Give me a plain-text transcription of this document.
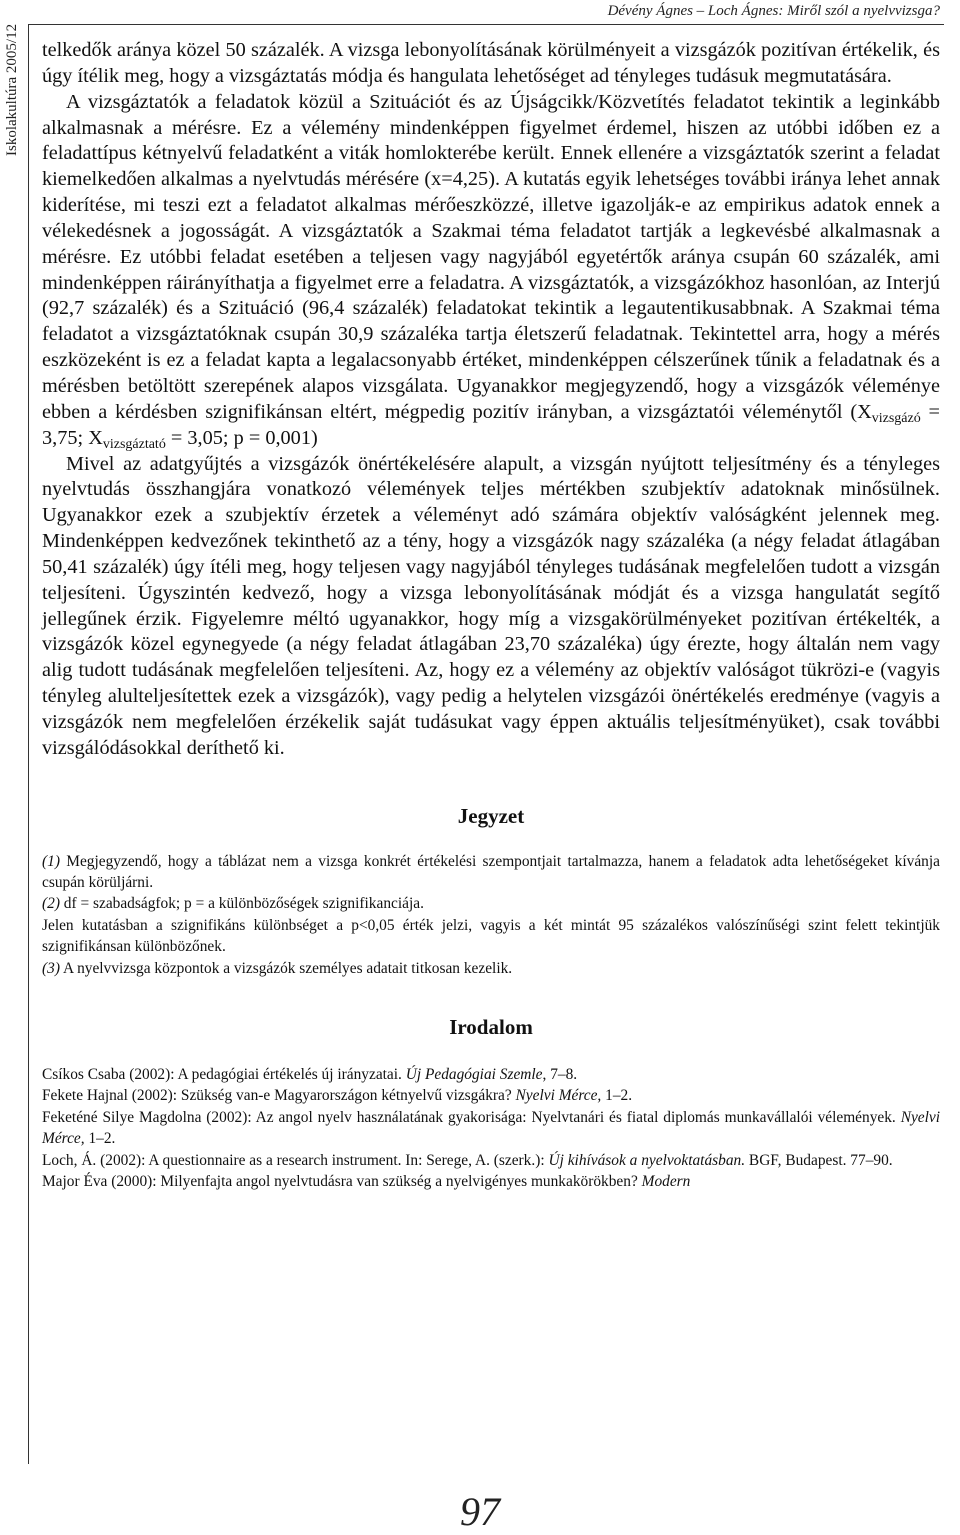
Dévény Ágnes – Loch Ágnes: Miről szól a nyelvvizsga?
Iskolakultúra 2005/12 telkedők aránya közel 50 százalék. A vizsga lebonyolításának körülményeit a vizsgázók pozitívan értékelik, és úgy ítélik meg, hogy a vizsgáztatás módja és hangulata lehetőséget ad tényleges tudásuk megmutatására.

A vizsgáztatók a feladatok közül a Szituációt és az Újságcikk/Közvetítés feladatot tekintik a leginkább alkalmasnak a mérésre. Ez a vélemény mindenképpen figyelmet érdemel, hiszen az utóbbi időben ez a feladattípus kétnyelvű feladatként a viták homlokterébe került. Ennek ellenére a vizsgáztatók szerint a feladat kiemelkedően alkalmas a nyelvtudás mérésére (x=4,25). A kutatás egyik lehetséges további iránya lehet annak kiderítése, mi teszi ezt a feladatot alkalmas mérőeszközzé, illetve igazolják-e az empirikus adatok ennek a vélekedésnek a jogosságát. A vizsgáztatók a Szakmai téma feladatot tartják a legkevésbé alkalmasnak a mérésre. Ez utóbbi feladat esetében a teljesen vagy nagyjából egyetértők aránya csupán 60 százalék, ami mindenképpen ráirányíthatja a figyelmet erre a feladatra. A vizsgáztatók, a vizsgázókhoz hasonlóan, az Interjú (92,7 százalék) és a Szituáció (96,4 százalék) feladatokat tekintik a legautentikusabbnak. A Szakmai téma feladatot a vizsgáztatóknak csupán 30,9 százaléka tartja életszerű feladatnak. Tekintettel arra, hogy a mérés eszközeként is ez a feladat kapta a legalacsonyabb értéket, mindenképpen célszerűnek tűnik a feladatnak és a mérésben betöltött szerepének alapos vizsgálata. Ugyanakkor megjegyzendő, hogy a vizsgázók véleménye ebben a kérdésben szignifikánsan eltért, mégpedig pozitív irányban, a vizsgáztatói véleménytől ($X_{vizsgázó} = 3,75$; $X_{vizsgáztató} = 3,05$; p = 0,001)

Mivel az adatgyűjtés a vizsgázók önértékelésére alapult, a vizsgán nyújtott teljesítmény és a tényleges nyelvtudás összhangjára vonatkozó vélemények teljes mértékben szubjektív adatoknak minősülnek. Ugyanakkor ezek a szubjektív érzetek a véleményt adó számára objektív valóságként jelennek meg. Mindenképpen kedvezőnek tekinthető az a tény, hogy a vizsgázók nagy százaléka (a négy feladat átlagában 50,41 százalék) úgy ítéli meg, hogy teljesen vagy nagyjából tényleges tudásának megfelelően tudott a vizsgán teljesíteni. Úgyszintén kedvező, hogy a vizsga lebonyolításának módját és a vizsga hangulatát segítő jellegűnek érzik. Figyelemre méltó ugyanakkor, hogy míg a vizsgakörülményeket pozitívan értékelték, a vizsgázók közel egynegyede (a négy feladat átlagában 23,70 százaléka) úgy érezte, hogy általán nem vagy alig tudott tudásának megfelelően teljesíteni. Az, hogy ez a vélemény az objektív valóságot tükrözi-e (vagyis tényleg alulteljesítettek ezek a vizsgázók), vagy pedig a helytelen vizsgázói önértékelés eredménye (vagyis a vizsgázók nem megfelelően érzékelik saját tudásukat vagy éppen aktuális teljesítményüket), csak további vizsgálódásokkal deríthető ki.

Jegyzet

(1) Megjegyzendő, hogy a táblázat nem a vizsga konkrét értékelési szempontjait tartalmazza, hanem a feladatok adta lehetőségeket kívánja csupán körüljárni.

(2) df = szabadságfok; p = a különbözőségek szignifikanciája.

Jelen kutatásban a szignifikáns különbséget a p<0,05 érték jelzi, vagyis a két mintát 95 százalékos valószínűségi szint felett tekintjük szignifikánsan különbözőnek.

(3) A nyelvvizsga központok a vizsgázók személyes adatait titkosan kezelik.

Irodalom

Csíkos Csaba (2002): A pedagógiai értékelés új irányzatai. Új Pedagógiai Szemle, 7–8.

Fekete Hajnal (2002): Szükség van-e Magyarországon kétnyelvű vizsgákra? Nyelvi Mérce, 1–2.

Feketéné Silye Magdolna (2002): Az angol nyelv használatának gyakorisága: Nyelvtanári és fiatal diplomás munkavállalói vélemények. Nyelvi Mérce, 1–2.

Loch, Á. (2002): A questionnaire as a research instrument. In: Serege, A. (szerk.): Új kihívások a nyelvoktatásban. BGF, Budapest. 77–90.

Major Éva (2000): Milyenfajta angol nyelvtudásra van szükség a nyelvigényes munkakörökben? Modern

97
